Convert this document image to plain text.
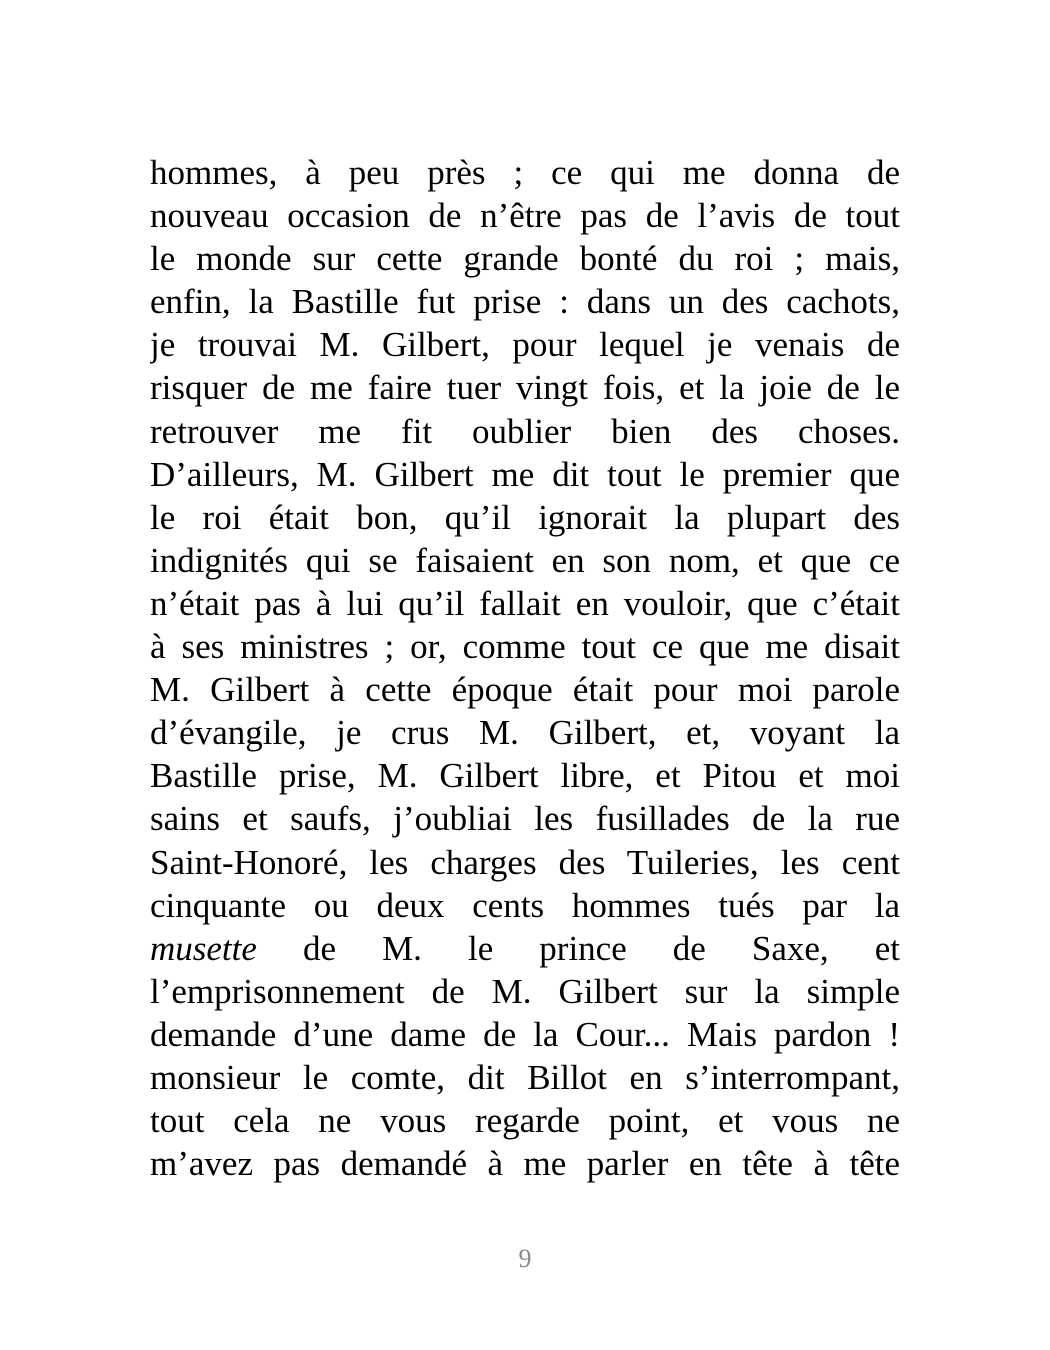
hommes, à peu près ; ce qui me donna de
nouveau occasion de n’être pas de l’avis de tout
le monde sur cette grande bonté du roi ; mais,
enfin, la Bastille fut prise : dans un des cachots,
je trouvai M. Gilbert, pour lequel je venais de
risquer de me faire tuer vingt fois, et la joie de le
retrouver me fit oublier bien des choses.
D’ailleurs, M. Gilbert me dit tout le premier que
le roi était bon, qu’il ignorait la plupart des
indignités qui se faisaient en son nom, et que ce
n’était pas à lui qu’il fallait en vouloir, que c’était
à ses ministres ; or, comme tout ce que me disait
M. Gilbert à cette époque était pour moi parole
d’évangile, je crus M. Gilbert, et, voyant la
Bastille prise, M. Gilbert libre, et Pitou et moi
sains et saufs, j’oubliai les fusillades de la rue
Saint-Honoré, les charges des Tuileries, les cent
cinquante ou deux cents hommes tués par la
musette de M. le prince de Saxe, et
l’emprisonnement de M. Gilbert sur la simple
demande d’une dame de la Cour... Mais pardon !
monsieur le comte, dit Billot en s’interrompant,
tout cela ne vous regarde point, et vous ne
m’avez pas demandé à me parler en tête à tête
9
